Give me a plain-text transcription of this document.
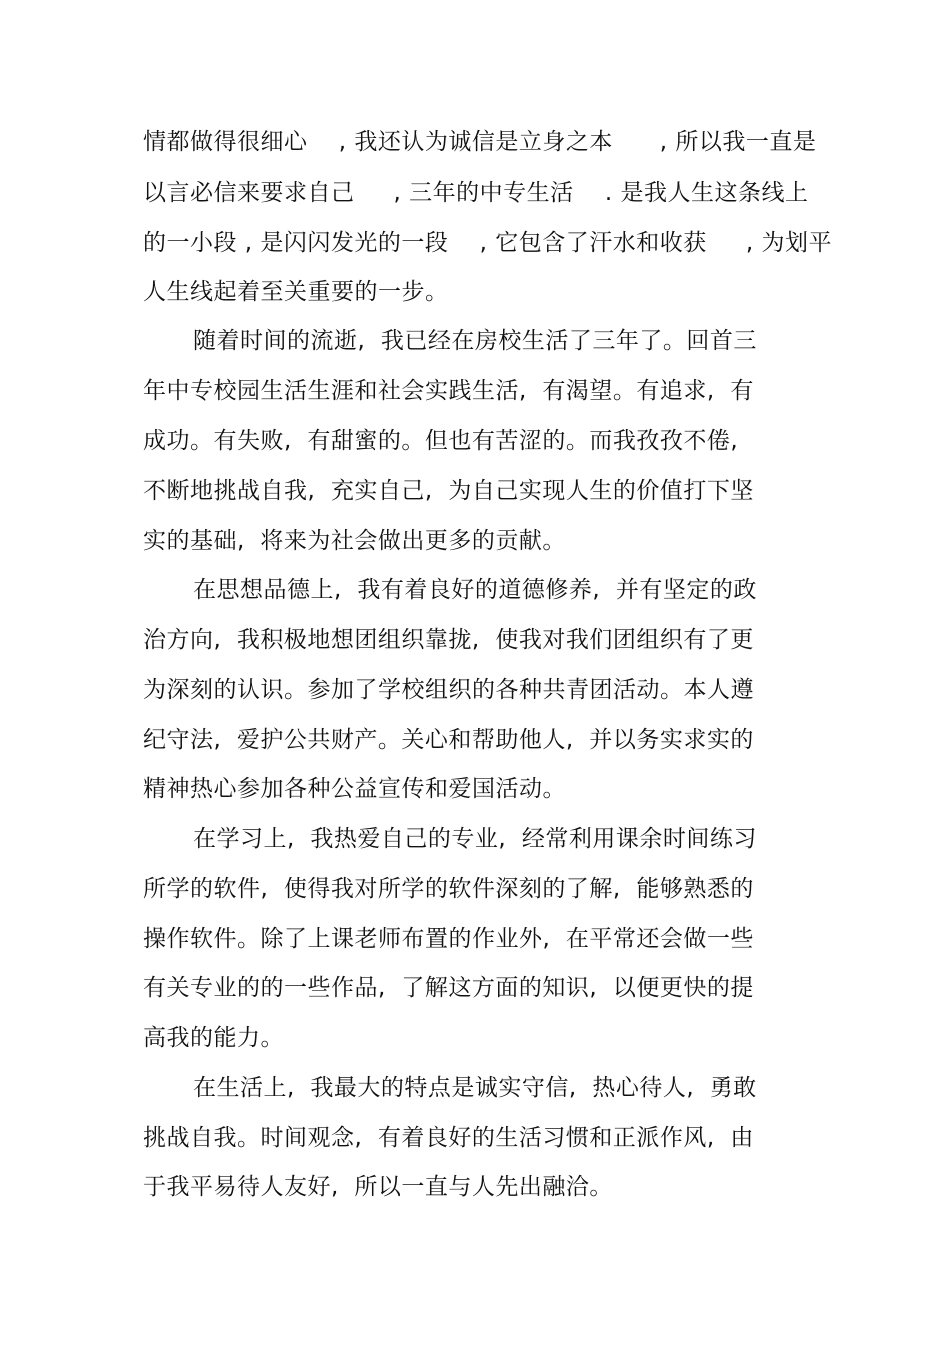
情都做得很细心    , 我还认为诚信是立身之本      , 所以我一直是
以言必信来要求自己     , 三年的中专生活    . 是我人生这条线上
的一小段 , 是闪闪发光的一段    , 它包含了汗水和收获     , 为划平
人生线起着至关重要的一步。
随着时间的流逝,  我已经在房校生活了三年了。回首三
年中专校园生活生涯和社会实践生活,  有渴望。有追求,  有
成功。有失败,  有甜蜜的。但也有苦涩的。而我孜孜不倦,
不断地挑战自我,  充实自己,  为自己实现人生的价值打下坚
实的基础,  将来为社会做出更多的贡献。
在思想品德上,  我有着良好的道德修养,  并有坚定的政
治方向,  我积极地想团组织靠拢,  使我对我们团组织有了更
为深刻的认识。参加了学校组织的各种共青团活动。本人遵
纪守法,  爱护公共财产。关心和帮助他人,  并以务实求实的
精神热心参加各种公益宣传和爱国活动。
在学习上,  我热爱自己的专业,  经常利用课余时间练习
所学的软件,  使得我对所学的软件深刻的了解,  能够熟悉的
操作软件。除了上课老师布置的作业外,  在平常还会做一些
有关专业的的一些作品,  了解这方面的知识,  以便更快的提
高我的能力。
在生活上,  我最大的特点是诚实守信,  热心待人,  勇敢
挑战自我。时间观念,  有着良好的生活习惯和正派作风,  由
于我平易待人友好,  所以一直与人先出融洽。
